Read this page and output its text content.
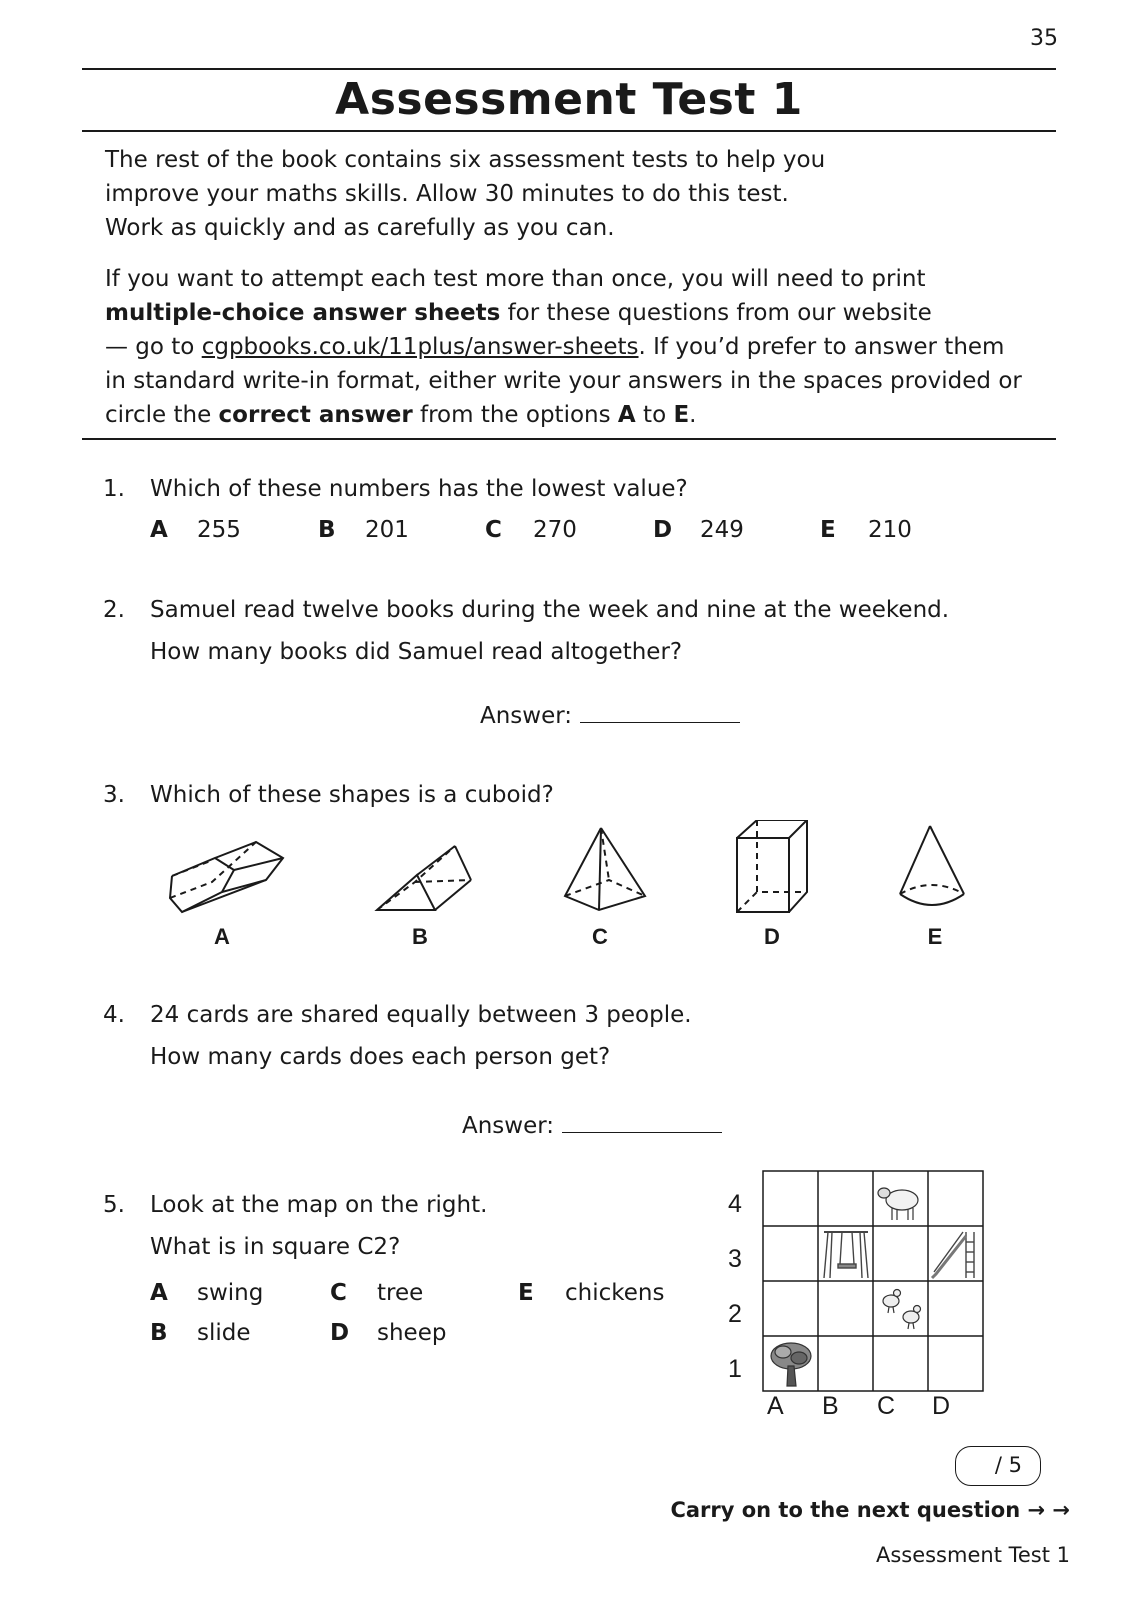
35
Assessment Test 1
The rest of the book contains six assessment tests to help you
improve your maths skills. Allow 30 minutes to do this test.
Work as quickly and as carefully as you can.
If you want to attempt each test more than once, you will need to print
multiple-choice answer sheets for these questions from our website
— go to cgpbooks.co.uk/11plus/answer-sheets. If you’d prefer to answer them
in standard write-in format, either write your answers in the spaces provided or
circle the correct answer from the options A to E.
1. Which of these numbers has the lowest value?
A 255	B 201	C 270	D 249	E 210
2. Samuel read twelve books during the week and nine at the weekend.
How many books did Samuel read altogether?
Answer:
3. Which of these shapes is a cuboid?
A	B	C	D	E
4. 24 cards are shared equally between 3 people.
How many cards does each person get?
Answer:
5. Look at the map on the right.
What is in square C2?
A swing
B slide
C tree
D sheep
E chickens
4
3
2
1
A B C D
/ 5
Carry on to the next question → →
Assessment Test 1
